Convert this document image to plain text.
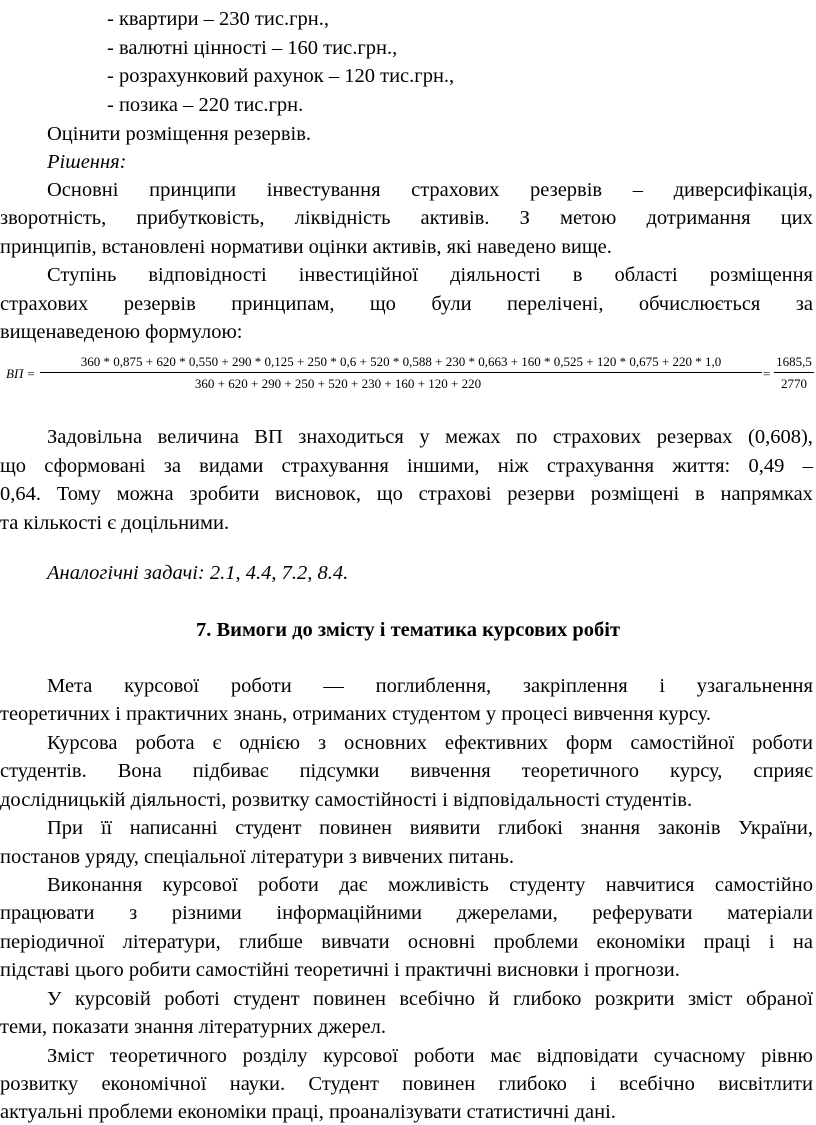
- квартири – 230 тис.грн.,
- валютні цінності – 160 тис.грн.,
- розрахунковий рахунок – 120 тис.грн.,
- позика – 220 тис.грн.
Оцінити розміщення резервів.
Рішення:
Основні принципи інвестування страхових резервів – диверсифікація,
зворотність, прибутковість, ліквідність активів. З метою дотримання цих
принципів, встановлені нормативи оцінки активів, які наведено вище.
Ступінь відповідності інвестиційної діяльності в області розміщення
страхових резервів принципам, що були перелічені, обчислюється за
вищенаведеною формулою:
ВП =
360 * 0,875 + 620 * 0,550 + 290 * 0,125 + 250 * 0,6 + 520 * 0,588 + 230 * 0,663 + 160 * 0,525 + 120 * 0,675 + 220 * 1,0
360 + 620 + 290 + 250 + 520 + 230 + 160 + 120 + 220
=
1685,5
2770
Задовільна величина ВП знаходиться у межах по страхових резервах (0,608),
що сформовані за видами страхування іншими, ніж страхування життя: 0,49 –
0,64. Тому можна зробити висновок, що страхові резерви розміщені в напрямках
та кількості є доцільними.
Аналогічні задачі: 2.1, 4.4, 7.2, 8.4.
7. Вимоги до змісту і тематика курсових робіт
Мета курсової роботи — поглиблення, закріплення і узагальнення
теоретичних і практичних знань, отриманих студентом у процесі вивчення курсу.
Курсова робота є однією з основних ефективних форм самостійної роботи
студентів. Вона підбиває підсумки вивчення теоретичного курсу, сприяє
дослідницькій діяльності, розвитку самостійності і відповідальності студентів.
При її написанні студент повинен виявити глибокі знання законів України,
постанов уряду, спеціальної літератури з вивчених питань.
Виконання курсової роботи дає можливість студенту навчитися самостійно
працювати з різними інформаційними джерелами, реферувати матеріали
періодичної літератури, глибше вивчати основні проблеми економіки праці і на
підставі цього робити самостійні теоретичні і практичні висновки і прогнози.
У курсовій роботі студент повинен всебічно й глибоко розкрити зміст обраної
теми, показати знання літературних джерел.
Зміст теоретичного розділу курсової роботи має відповідати сучасному рівню
розвитку економічної науки. Студент повинен глибоко і всебічно висвітлити
актуальні проблеми економіки праці, проаналізувати статистичні дані.
